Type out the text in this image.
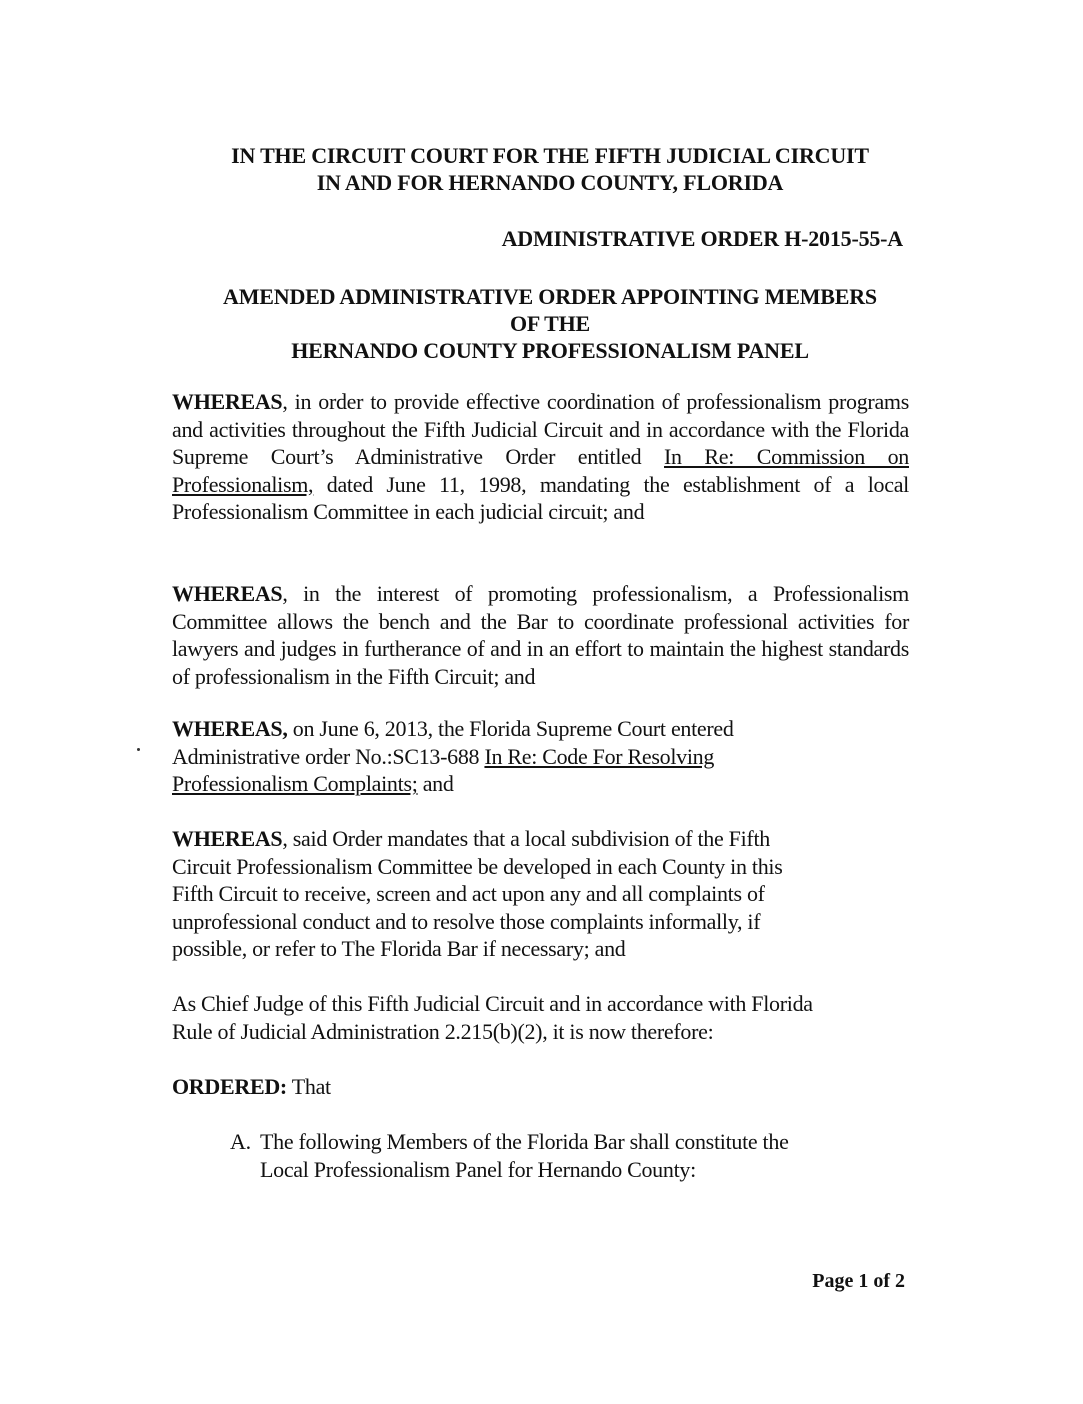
IN THE CIRCUIT COURT FOR THE FIFTH JUDICIAL CIRCUIT
IN AND FOR HERNANDO COUNTY, FLORIDA
ADMINISTRATIVE ORDER H-2015-55-A
AMENDED ADMINISTRATIVE ORDER APPOINTING MEMBERS
OF THE
HERNANDO COUNTY PROFESSIONALISM PANEL
WHEREAS, in order to provide effective coordination of professionalism programs and activities throughout the Fifth Judicial Circuit and in accordance with the Florida Supreme Court’s Administrative Order entitled In Re: Commission on Professionalism, dated June 11, 1998, mandating the establishment of a local Professionalism Committee in each judicial circuit; and
WHEREAS, in the interest of promoting professionalism, a Professionalism Committee allows the bench and the Bar to coordinate professional activities for lawyers and judges in furtherance of and in an effort to maintain the highest standards of professionalism in the Fifth Circuit; and
WHEREAS, on June 6, 2013, the Florida Supreme Court entered
Administrative order No.:SC13-688 In Re: Code For Resolving
Professionalism Complaints; and
WHEREAS, said Order mandates that a local subdivision of the Fifth
Circuit Professionalism Committee be developed in each County in this
Fifth Circuit to receive, screen and act upon any and all complaints of
unprofessional conduct and to resolve those complaints informally, if
possible, or refer to The Florida Bar if necessary; and
As Chief Judge of this Fifth Judicial Circuit and in accordance with Florida
Rule of Judicial Administration 2.215(b)(2), it is now therefore:
ORDERED: That
A. The following Members of the Florida Bar shall constitute the
Local Professionalism Panel for Hernando County:
Page 1 of 2
